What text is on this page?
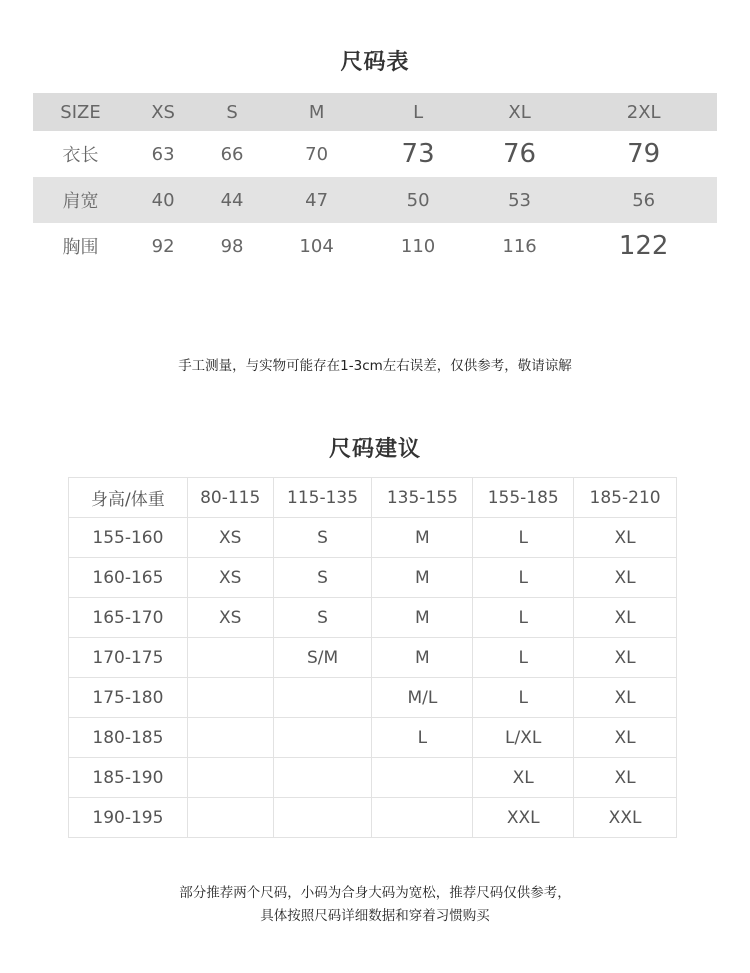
尺码表
SIZE	XS	S	M	L	XL	2XL
衣长	63	66	70	73	76	79
肩宽	40	44	47	50	53	56
胸围	92	98	104	110	116	122
手工测量，与实物可能存在1-3cm左右误差，仅供参考，敬请谅解
尺码建议
身高/体重	80-115	115-135	135-155	155-185	185-210
155-160	XS	S	M	L	XL
160-165	XS	S	M	L	XL
165-170	XS	S	M	L	XL
170-175		S/M	M	L	XL
175-180			M/L	L	XL
180-185			L	L/XL	XL
185-190				XL	XL
190-195				XXL	XXL
部分推荐两个尺码，小码为合身大码为宽松，推荐尺码仅供参考，
具体按照尺码详细数据和穿着习惯购买
